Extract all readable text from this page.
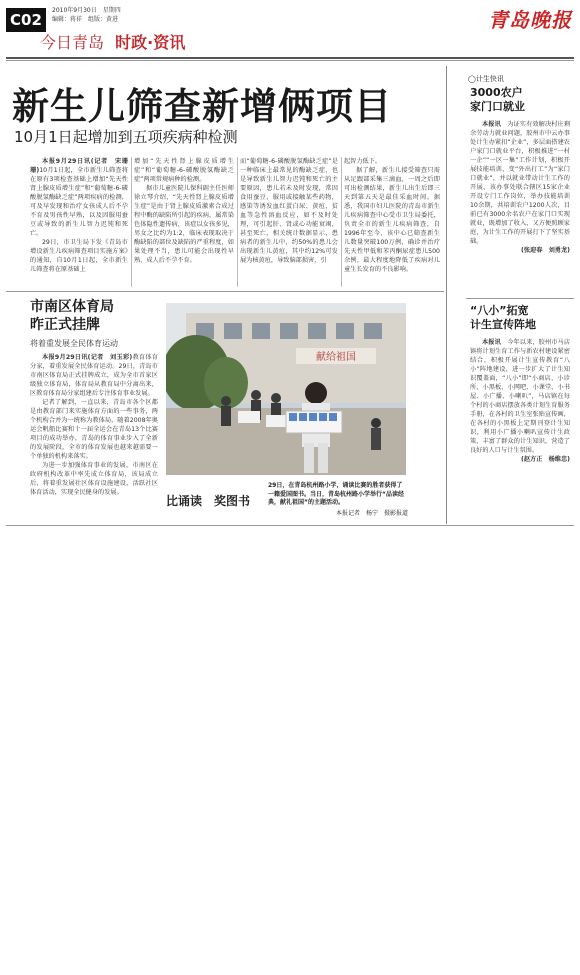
C02
2010年9月30日　星期四
编辑：蒋祥　组版：黄进	青岛晚报
今日青岛 时政·资讯
新生儿筛查新增俩项目
10月1日起增加到五项疾病种检测

本报9月29日讯(记者　宋珊珊)10月1日起，全市新生儿筛查将在原有3项检查基础上增加“先天性肾上腺皮质增生症”和“葡萄糖-6-磷酸脱氢酶缺乏症”两项疾病的检测，可及早发现和治疗女孩成人后不孕不育及男孩性早熟，以及因服用蚕豆或导致的新生儿智力迟钝和死亡。

29日，市卫生局下发《青岛市增设新生儿疾病筛查项目实施方案》的通知，自10月1日起，全市新生儿筛查将在原基础上

增加“先天性肾上腺皮质增生症”和“葡萄糖-6-磷酸脱氢酶缺乏症”两项常规病种的检测。

据市儿童医院儿保科副主任医师徐立琴介绍，“先天性肾上腺皮质增生症”是由于肾上腺皮质激素合成过程中酶的缺陷所引起的疾病，属常染色体隐性遗传病，该症以女孩多见，男女之比约为1:2，临床表现取决于酶缺陷的部位及缺陷的严重程度，如果处理不当，患儿可能会出现性早熟，成人后不孕不育。

而“葡萄糖-6-磷酸脱氢酶缺乏症”是一种临床上最常见的酶缺乏症，也是导致新生儿智力迟钝和死亡的主要原因，患儿若未及时发现，常因食用蚕豆、服用或接触某些药物，感染等诱发血红蛋白尿、黄疸，贫血等急性溶血反应，如不及时处理，可引起肝、肾或心功能衰竭，甚至死亡，相关统计数据显示，患病者的新生儿中，约50%的患儿会出现新生儿黄疸，其中约12%可发展为核黄疸，导致脑部损害，引

起智力低下。

据了解，新生儿接受筛查只需从足跟部采集三滴血，一周之后即可出检测结果，新生儿出生后即三天到第五天是最佳采血时间。据悉，我国市妇儿医院的青岛市新生儿疾病筛查中心受市卫生局委托，负责全市的新生儿疾病筛查，自1996年至今，该中心已筛查新生儿数量突破100万例，确诊并治疗先天性甲低和苯丙酮尿症患儿500余例，最大程度地降低了疾病对儿童生长发育的不良影响。

市南区体育局
昨正式挂牌
将着重发展全民体育运动

本报9月29日讯(记者　刘玉彩)教育体育分家，着重发展全民体育运动。29日，青岛市市南区体育局正式挂牌成立，成为全市首家区级独立体育局，体育局从教育局中分离出来，区教育体育局分家组建后专注体育事业发展。

记者了解到，一直以来，青岛市各个区都是由教育部门来实施体育方面的一些事务，两个机构合并为一统称为教体局，随着2008年奥运会帆船比赛和十一届全运会在青岛13个比赛项目的成功举办，青岛的体育事业步入了全新的发展阶段，全市的体育发展也越来越需要一个单独的机构来落实。

为进一步加强体育事业的发展，市南区在政府机构改革中率先成立体育局，该局成立后，将着重发展社区体育设施建设，活跃社区体育活动，实现全民健身的发展。

献给祖国
29日，在青岛杭州路小学，诵读比赛的胜者获得了一籍爱国图书。当日，青岛杭州路小学举行“品读经典，献礼祖国”的主题活动。
本报记者　杨宁　摄影报道
比诵读　奖图书
◯计生快讯
3000农户
家门口就业

本报讯　 为证实有效解决村庄剩余劳动力就业问题，胶州市中云办事处计生办紧扣“企业”，多层面搭建农户家门口就业平台，积极推进“一村一企”“一区一集”工作计划，积极开展技能培训，变“外出打工”为“家门口就业”，并以就业带动计生工作的开展，该办事处联合辖区15家企业开设专门工作岗位，举办技能培训10余期，共培训农户1200人次，目前已有3000余名农户在家门口实现就业，既增加了收入，又方便照顾家庭，为计生工作的开展打下了坚实基础。

(张迎春　刘勇龙)

“八小”拓宽
计生宣传阵地

本报讯　 今年以来，胶州市马店镇将计划生育工作与新农村建设紧密结合，积极开展计生宣传教育“八小”阵地建设，进一步扩大了计生知识覆盖面，“八小”即“小商店、小诊所、小黑板、小网吧、小课堂、小书屋、小广播、小喇叭”，马店镇在每个村的小商店摆放各类计划生育服务手册，在各村的卫生室张贴宣传画，在各村的小黑板上定期刊登计生知识，利用小广播小喇叭宣传计生政策，丰富了群众的计生知识，营造了良好的人口与计生氛围。

(赵方正　杨维忠)
